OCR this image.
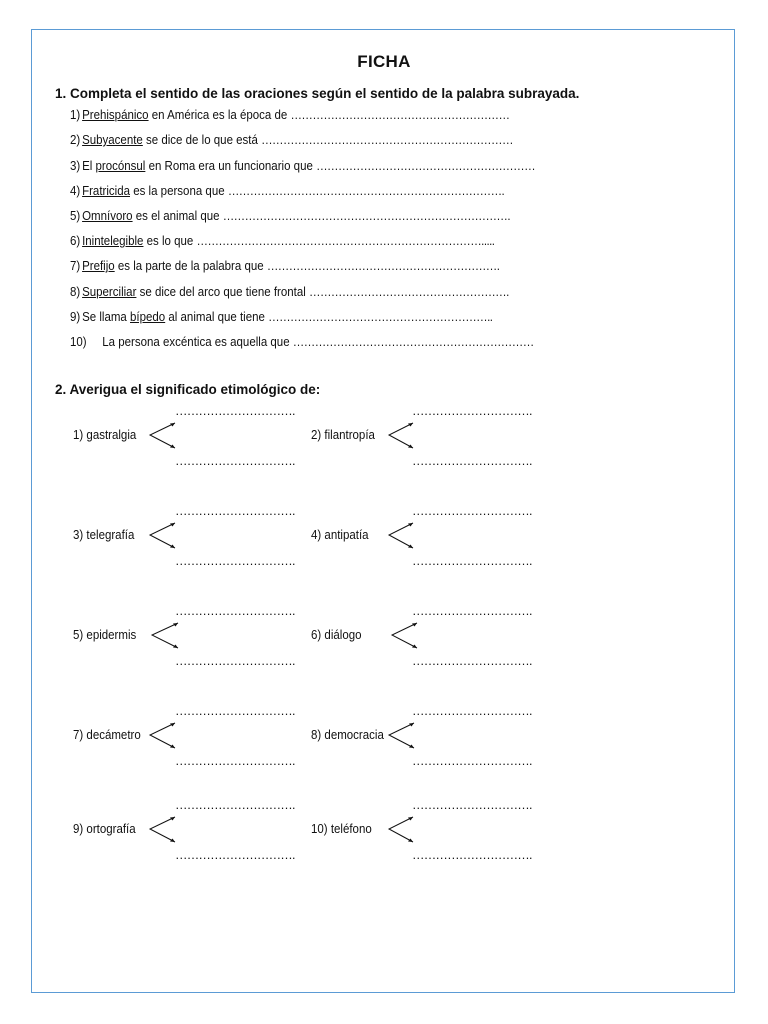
FICHA
1. Completa el sentido de las oraciones según el sentido de la palabra subrayada.
1) Prehispánico en América es la época de ……………………………………………………
2) Subyacente se dice de lo que está ……………………………………………………………
3) El procónsul en Roma era un funcionario que ……………………………………………………
4) Fratricida es la persona que ………………………………………………………………….
5) Omnívoro es el animal que …………………………………………………………………….
6) Inintelegible es lo que …………………………………………………………………….....
7) Prefijo es la parte de la palabra que ……………………………………………………….
8) Superciliar se dice del arco que tiene frontal ……………………………………………….
9) Se llama bípedo al animal que tiene ……………………………………………………..
10) La persona excéntica es aquella que …………………………………………………………
2. Averigua el significado etimológico de:
………………………….
1) gastralgia
………………………….
………………………….
2) filantropía
………………………….
………………………….
3) telegrafía
………………………….
………………………….
4) antipatía
………………………….
………………………….
5) epidermis
………………………….
………………………….
6) diálogo
………………………….
………………………….
7) decámetro
………………………….
………………………….
8) democracia
………………………….
………………………….
9) ortografía
………………………….
………………………….
10) teléfono
………………………….
